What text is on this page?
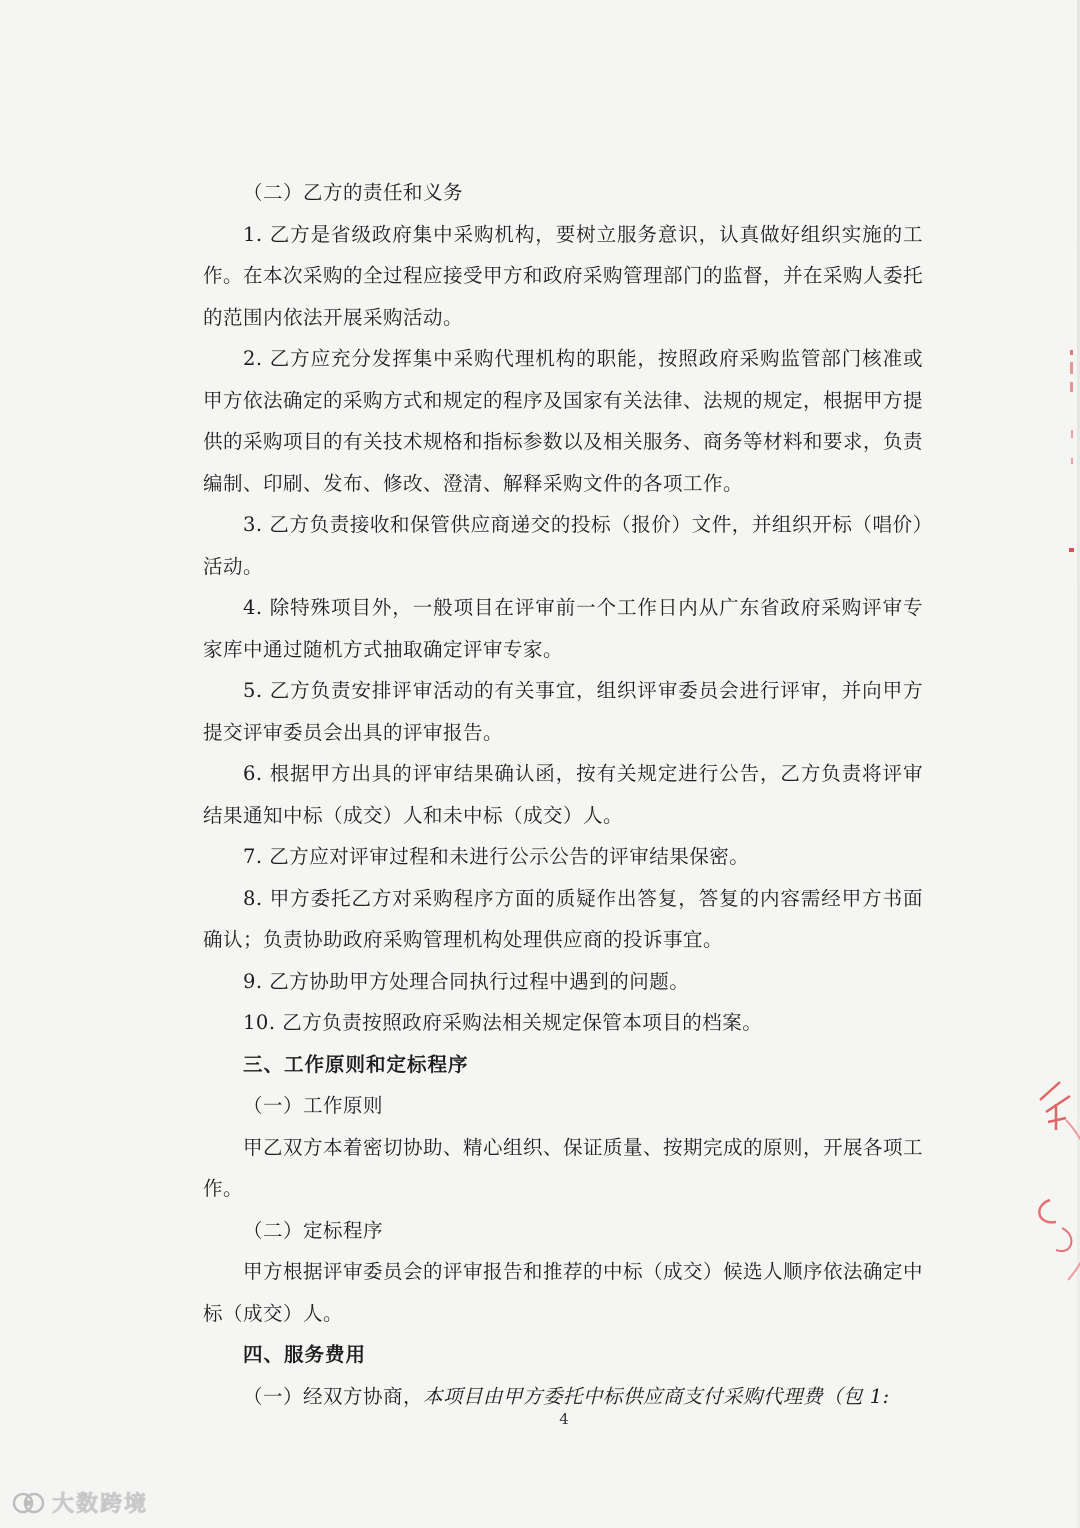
（二）乙方的责任和义务

1. 乙方是省级政府集中采购机构，要树立服务意识，认真做好组织实施的工作。在本次采购的全过程应接受甲方和政府采购管理部门的监督，并在采购人委托的范围内依法开展采购活动。

2. 乙方应充分发挥集中采购代理机构的职能，按照政府采购监管部门核准或甲方依法确定的采购方式和规定的程序及国家有关法律、法规的规定，根据甲方提供的采购项目的有关技术规格和指标参数以及相关服务、商务等材料和要求，负责编制、印刷、发布、修改、澄清、解释采购文件的各项工作。

3. 乙方负责接收和保管供应商递交的投标（报价）文件，并组织开标（唱价）活动。

4. 除特殊项目外，一般项目在评审前一个工作日内从广东省政府采购评审专家库中通过随机方式抽取确定评审专家。

5. 乙方负责安排评审活动的有关事宜，组织评审委员会进行评审，并向甲方提交评审委员会出具的评审报告。

6. 根据甲方出具的评审结果确认函，按有关规定进行公告，乙方负责将评审结果通知中标（成交）人和未中标（成交）人。

7. 乙方应对评审过程和未进行公示公告的评审结果保密。

8. 甲方委托乙方对采购程序方面的质疑作出答复，答复的内容需经甲方书面确认；负责协助政府采购管理机构处理供应商的投诉事宜。

9. 乙方协助甲方处理合同执行过程中遇到的问题。

10. 乙方负责按照政府采购法相关规定保管本项目的档案。

三、工作原则和定标程序

（一）工作原则

甲乙双方本着密切协助、精心组织、保证质量、按期完成的原则，开展各项工作。

（二）定标程序

甲方根据评审委员会的评审报告和推荐的中标（成交）候选人顺序依法确定中标（成交）人。

四、服务费用

（一）经双方协商，本项目由甲方委托中标供应商支付采购代理费（包 1:

4
大数跨境
